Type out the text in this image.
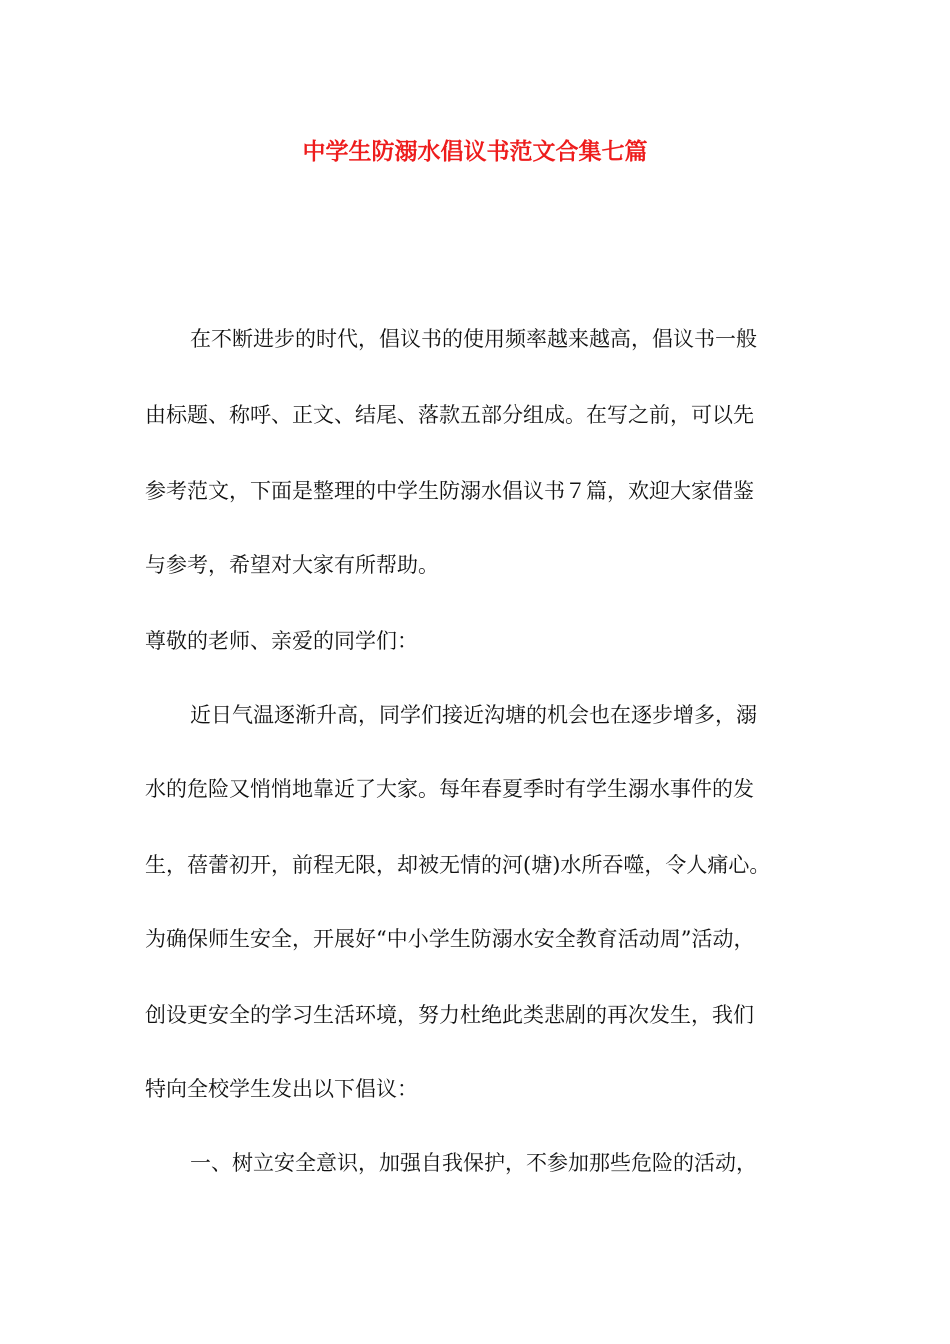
中学生防溺水倡议书范文合集七篇
在不断进步的时代，倡议书的使用频率越来越高，倡议书一般
由标题、称呼、正文、结尾、落款五部分组成。在写之前，可以先
参考范文，下面是整理的中学生防溺水倡议书７篇，欢迎大家借鉴
与参考，希望对大家有所帮助。
尊敬的老师、亲爱的同学们：
近日气温逐渐升高，同学们接近沟塘的机会也在逐步增多，溺
水的危险又悄悄地靠近了大家。每年春夏季时有学生溺水事件的发
生，蓓蕾初开，前程无限，却被无情的河(塘)水所吞噬，令人痛心。
为确保师生安全，开展好“中小学生防溺水安全教育活动周”活动，
创设更安全的学习生活环境，努力杜绝此类悲剧的再次发生，我们
特向全校学生发出以下倡议：
一、树立安全意识，加强自我保护，不参加那些危险的活动，
